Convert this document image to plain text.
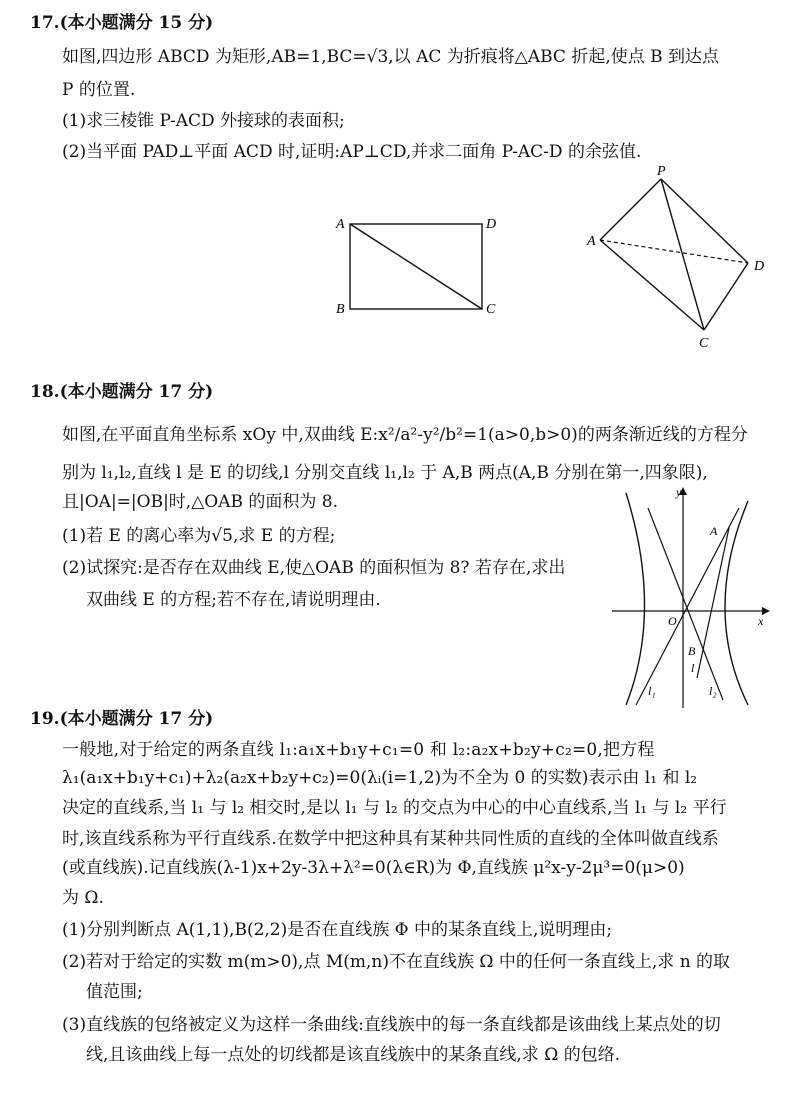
17.(本小题满分 15 分)
如图,四边形 ABCD 为矩形,AB=1,BC=√3,以 AC 为折痕将△ABC 折起,使点 B 到达点
P 的位置.
(1)求三棱锥 P-ACD 外接球的表面积;
(2)当平面 PAD⊥平面 ACD 时,证明:AP⊥CD,并求二面角 P-AC-D 的余弦值.
A
B	C
D
P
A
C
D
18.(本小题满分 17 分)
如图,在平面直角坐标系 xOy 中,双曲线 E:x²/a²-y²/b²=1(a>0,b>0)的两条渐近线的方程分
别为 l₁,l₂,直线 l 是 E 的切线,l 分别交直线 l₁,l₂ 于 A,B 两点(A,B 分别在第一,四象限),
且|OA|=|OB|时,△OAB 的面积为 8.
(1)若 E 的离心率为√5,求 E 的方程;
(2)试探究:是否存在双曲线 E,使△OAB 的面积恒为 8? 若存在,求出
双曲线 E 的方程;若不存在,请说明理由.
y
x
O
A
B
l
l₁	l₂
19.(本小题满分 17 分)
一般地,对于给定的两条直线 l₁:a₁x+b₁y+c₁=0 和 l₂:a₂x+b₂y+c₂=0,把方程
λ₁(a₁x+b₁y+c₁)+λ₂(a₂x+b₂y+c₂)=0(λᵢ(i=1,2)为不全为 0 的实数)表示由 l₁ 和 l₂
决定的直线系,当 l₁ 与 l₂ 相交时,是以 l₁ 与 l₂ 的交点为中心的中心直线系,当 l₁ 与 l₂ 平行
时,该直线系称为平行直线系.在数学中把这种具有某种共同性质的直线的全体叫做直线系
(或直线族).记直线族(λ-1)x+2y-3λ+λ²=0(λ∈R)为 Φ,直线族 μ²x-y-2μ³=0(μ>0)
为 Ω.
(1)分别判断点 A(1,1),B(2,2)是否在直线族 Φ 中的某条直线上,说明理由;
(2)若对于给定的实数 m(m>0),点 M(m,n)不在直线族 Ω 中的任何一条直线上,求 n 的取
值范围;
(3)直线族的包络被定义为这样一条曲线:直线族中的每一条直线都是该曲线上某点处的切
线,且该曲线上每一点处的切线都是该直线族中的某条直线,求 Ω 的包络.
